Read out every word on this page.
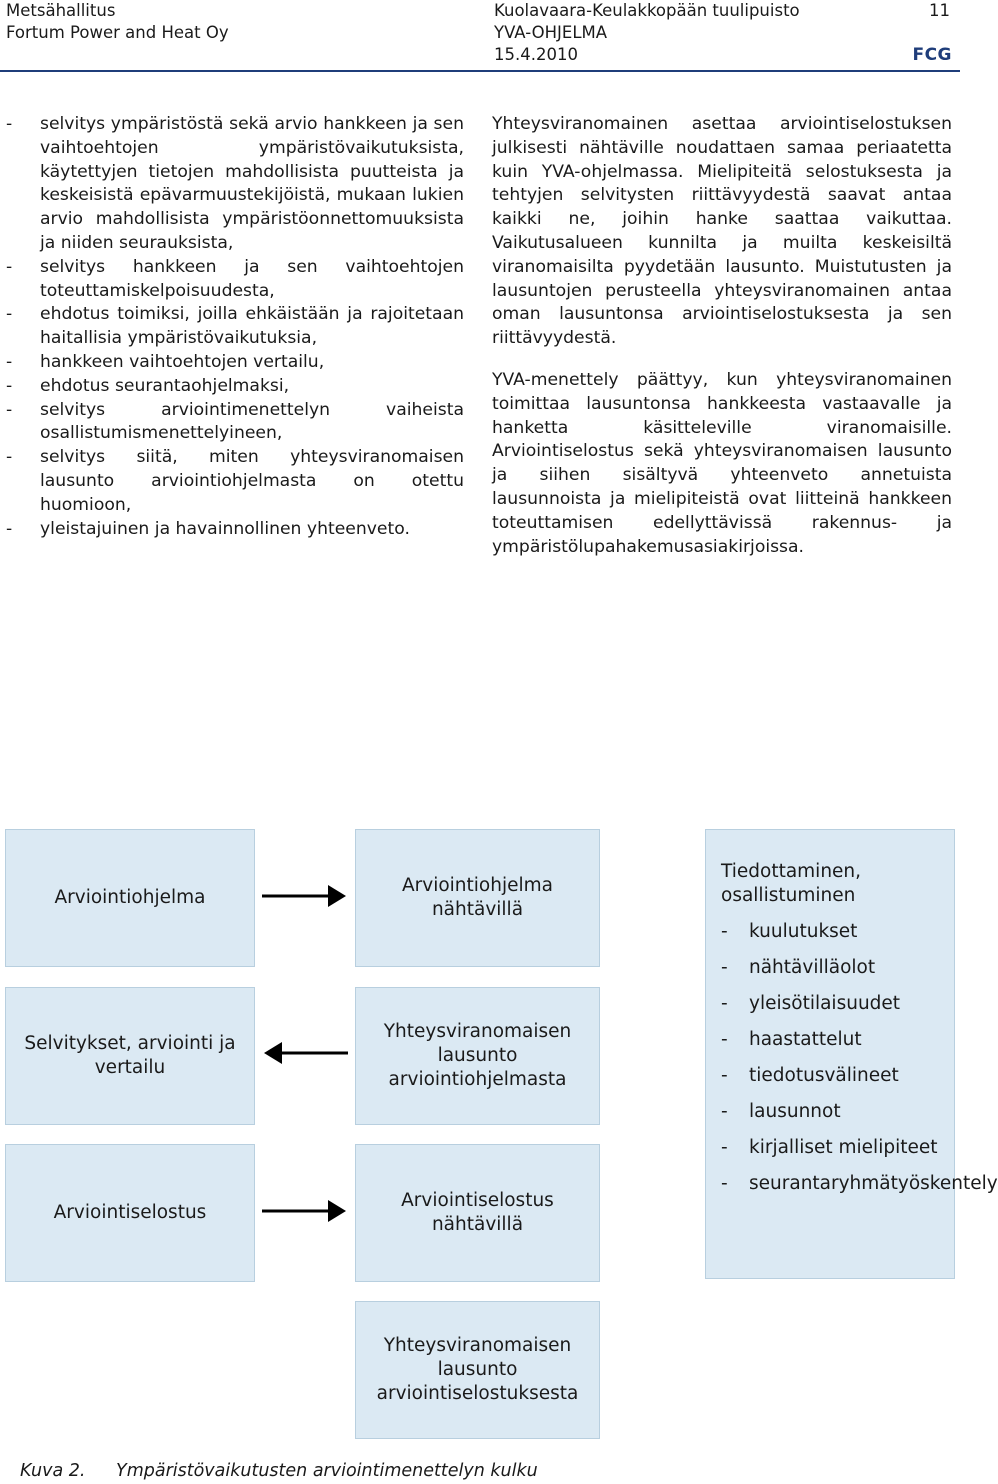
Metsähallitus
Fortum Power and Heat Oy
Kuolavaara-Keulakkopään tuulipuisto
YVA-OHJELMA
15.4.2010
11
FCG
-	selvitys ympäristöstä sekä arvio hankkeen ja sen vaihtoehtojen ympäristövaikutuksista, käytettyjen tietojen mahdollisista puutteista ja keskeisistä epävarmuustekijöistä, mukaan lukien arvio mahdollisista ympäristöonnettomuuksista ja niiden seurauksista,
-	selvitys hankkeen ja sen vaihtoehtojen toteuttamiskelpoisuudesta,
-	ehdotus toimiksi, joilla ehkäistään ja rajoitetaan haitallisia ympäristövaikutuksia,
-	hankkeen vaihtoehtojen vertailu,
-	ehdotus seurantaohjelmaksi,
-	selvitys arviointimenettelyn vaiheista osallistumismenettelyineen,
-	selvitys siitä, miten yhteysviranomaisen lausunto arviointiohjelmasta on otettu huomioon,
-	yleistajuinen ja havainnollinen yhteenveto.

Yhteysviranomainen asettaa arviointiselostuksen julkisesti nähtäville noudattaen samaa periaatetta kuin YVA-ohjelmassa. Mielipiteitä selostuksesta ja tehtyjen selvitysten riittävyydestä saavat antaa kaikki ne, joihin hanke saattaa vaikuttaa. Vaikutusalueen kunnilta ja muilta keskeisiltä viranomaisilta pyydetään lausunto. Muistutusten ja lausuntojen perusteella yhteysviranomainen antaa oman lausuntonsa arviointiselostuksesta ja sen riittävyydestä.

YVA-menettely päättyy, kun yhteysviranomainen toimittaa lausuntonsa hankkeesta vastaavalle ja hanketta käsitteleville viranomaisille. Arviointiselostus sekä yhteysviranomaisen lausunto ja siihen sisältyvä yhteenveto annetuista lausunnoista ja mielipiteistä ovat liitteinä hankkeen toteuttamisen edellyttävissä rakennus- ja ympäristölupahakemusasiakirjoissa.

Arviointiohjelma
Selvitykset, arviointi ja vertailu
Arviointiselostus
Arviointiohjelma nähtävillä
Yhteysviranomaisen lausunto arviointiohjelmasta
Arviointiselostus nähtävillä
Yhteysviranomaisen lausunto arviointiselostuksesta
Tiedottaminen, osallistuminen
-	kuulutukset
-	nähtävilläolot
-	yleisötilaisuudet
-	haastattelut
-	tiedotusvälineet
-	lausunnot
-	kirjalliset mielipiteet
-	seurantaryhmätyöskentely
Kuva 2. Ympäristövaikutusten arviointimenettelyn kulku
